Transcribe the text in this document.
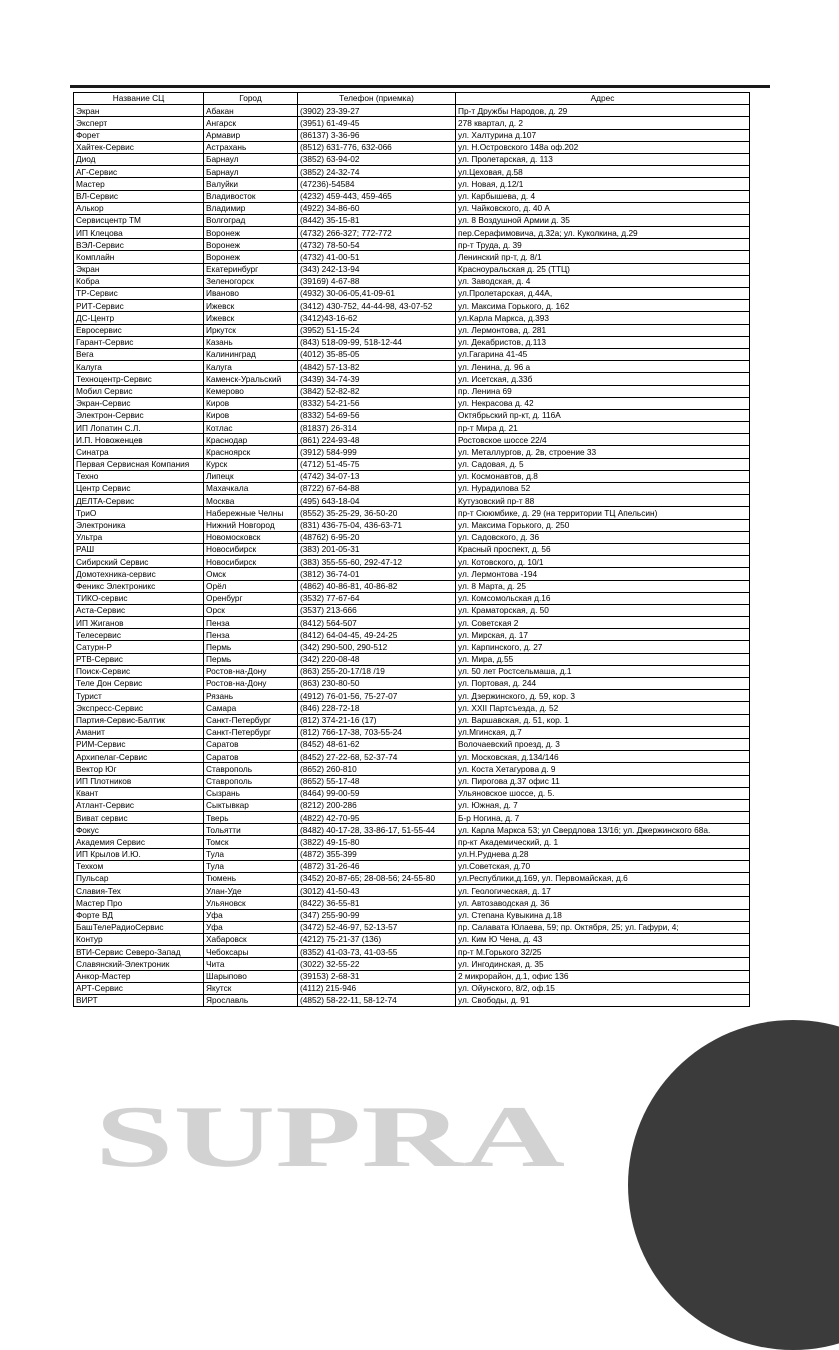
Название СЦ	Город	Телефон (приемка)	Адрес
Экран	Абакан	(3902) 23-39-27	Пр-т Дружбы Народов, д. 29
Эксперт	Ангарск	(3951) 61-49-45	278 квартал, д. 2
Форет	Армавир	(86137) 3-36-96	ул. Халтурина д.107
Хайтек-Сервис	Астрахань	(8512) 631-776, 632-066	ул. Н.Островского 148а оф.202
Диод	Барнаул	(3852) 63-94-02	ул. Пролетарская, д. 113
АГ-Сервис	Барнаул	(3852) 24-32-74	ул.Цеховая, д.58
Мастер	Валуйки	(47236)-54584	ул. Новая, д.12/1
ВЛ-Сервис	Владивосток	(4232) 459-443, 459-465	ул. Карбышева, д. 4
Алькор	Владимир	(4922) 34-86-60	ул. Чайковского, д. 40 А
Сервисцентр ТМ	Волгоград	(8442) 35-15-81	ул. 8 Воздушной Армии д. 35
ИП Клецова	Воронеж	(4732) 266-327; 772-772	пер.Серафимовича, д.32а; ул. Куколкина, д.29
ВЭЛ-Сервис	Воронеж	(4732) 78-50-54	пр-т Труда, д. 39
Комплайн	Воронеж	(4732) 41-00-51	Ленинский пр-т, д. 8/1
Экран	Екатеринбург	(343) 242-13-94	Красноуральская д. 25 (ТТЦ)
Кобра	Зеленогорск	(39169) 4-67-88	ул. Заводская, д. 4
ТР-Сервис	Иваново	(4932) 30-06-05,41-09-61	ул.Пролетарская, д.44А,
РИТ-Сервис	Ижевск	(3412) 430-752, 44-44-98, 43-07-52	ул. Максима Горького, д. 162
ДС-Центр	Ижевск	(3412)43-16-62	ул.Карла Маркса, д.393
Евросервис	Иркутск	(3952) 51-15-24	ул. Лермонтова, д. 281
Гарант-Сервис	Казань	(843) 518-09-99, 518-12-44	ул. Декабристов, д.113
Вега	Калининград	(4012) 35-85-05	ул.Гагарина 41-45
Калуга	Калуга	(4842) 57-13-82	ул. Ленина, д. 96 а
Техноцентр-Сервис	Каменск-Уральский	(3439) 34-74-39	ул. Исетская, д.33б
Мобил Сервис	Кемерово	(3842) 52-82-82	пр. Ленина 69
Экран-Сервис	Киров	(8332) 54-21-56	ул. Некрасова д. 42
Электрон-Сервис	Киров	(8332) 54-69-56	Октябрьский пр-кт, д. 116А
ИП Лопатин С.Л.	Котлас	(81837) 26-314	пр-т Мира д. 21
И.П. Новоженцев	Краснодар	(861) 224-93-48	Ростовское шоссе 22/4
Синатра	Красноярск	(3912) 584-999	ул. Металлургов, д. 2в, строение 33
Первая Сервисная Компания	Курск	(4712) 51-45-75	ул. Садовая, д. 5
Техно	Липецк	(4742) 34-07-13	ул. Космонавтов, д.8
Центр Сервис	Махачкала	(8722) 67-64-88	ул. Нурадилова 52
ДЕЛТА-Сервис	Москва	(495) 643-18-04	Кутузовский пр-т 88
ТриО	Набережные Челны	(8552) 35-25-29, 36-50-20	пр-т Сююмбике, д. 29 (на территории ТЦ Апельсин)
Электроника	Нижний Новгород	(831) 436-75-04, 436-63-71	ул. Максима Горького, д. 250
Ультра	Новомосковск	(48762) 6-95-20	ул. Садовского, д. 36
РАШ	Новосибирск	(383) 201-05-31	Красный проспект, д. 56
Сибирский Сервис	Новосибирск	(383) 355-55-60, 292-47-12	ул. Котовского, д. 10/1
Домотехника-сервис	Омск	(3812) 36-74-01	ул. Лермонтова -194
Феникс Электроникс	Орёл	(4862) 40-86-81, 40-86-82	ул. 8 Марта, д. 25
ТИКО-сервис	Оренбург	(3532) 77-67-64	ул. Комсомольская д.16
Аста-Сервис	Орск	(3537) 213-666	ул. Краматорская, д. 50
ИП Жиганов	Пенза	(8412) 564-507	ул. Советская 2
Телесервис	Пенза	(8412) 64-04-45, 49-24-25	ул. Мирская, д. 17
Сатурн-Р	Пермь	(342) 290-500, 290-512	ул. Карпинского, д. 27
РТВ-Сервис	Пермь	(342) 220-08-48	ул. Мира, д.55
Поиск-Сервис	Ростов-на-Дону	(863) 255-20-17/18 /19	ул. 50 лет Ростсельмаша, д.1
Теле Дон Сервис	Ростов-на-Дону	(863) 230-80-50	ул. Портовая, д. 244
Турист	Рязань	(4912) 76-01-56, 75-27-07	ул. Дзержинского, д. 59, кор. 3
Экспресс-Сервис	Самара	(846) 228-72-18	ул. XXII Партсъезда, д. 52
Партия-Сервис-Балтик	Санкт-Петербург	(812) 374-21-16 (17)	ул. Варшавская, д. 51, кор. 1
Аманит	Санкт-Петербург	(812) 766-17-38, 703-55-24	ул.Мгинская, д.7
РИМ-Сервис	Саратов	(8452) 48-61-62	Волочаевский проезд, д. 3
Архипелаг-Сервис	Саратов	(8452) 27-22-68, 52-37-74	ул. Московская, д.134/146
Вектор Юг	Ставрополь	(8652) 260-810	ул. Коста Хетагурова д. 9
ИП Плотников	Ставрополь	(8652) 55-17-48	ул. Пирогова д.37 офис 11
Квант	Сызрань	(8464) 99-00-59	Ульяновское шоссе, д. 5.
Атлант-Сервис	Сыктывкар	(8212) 200-286	ул. Южная, д. 7
Виват сервис	Тверь	(4822) 42-70-95	Б-р Ногина, д. 7
Фокус	Тольятти	(8482) 40-17-28, 33-86-17, 51-55-44	ул. Карла Маркса 53; ул Свердлова 13/16; ул. Джержинского 68а.
Академия Сервис	Томск	(3822) 49-15-80	пр-кт Академический, д. 1
ИП Крылов И.Ю.	Тула	(4872) 355-399	ул.Н.Руднева д.28
Техком	Тула	(4872) 31-26-46	ул.Советская, д.70
Пульсар	Тюмень	(3452) 20-87-65; 28-08-56; 24-55-80	ул.Республики,д.169, ул. Первомайская, д.6
Славия-Тех	Улан-Уде	(3012) 41-50-43	ул. Геологическая, д. 17
Мастер Про	Ульяновск	(8422) 36-55-81	ул. Автозаводская д. 36
Форте ВД	Уфа	(347) 255-90-99	ул. Степана Кувыкина д.18
БашТелеРадиоСервис	Уфа	(3472) 52-46-97, 52-13-57	пр. Салавата Юлаева, 59; пр. Октября, 25; ул. Гафури, 4;
Контур	Хабаровск	(4212) 75-21-37 (136)	ул. Ким Ю Чена, д. 43
ВТИ-Сервис Северо-Запад	Чебоксары	(8352) 41-03-73, 41-03-55	пр-т М.Горького 32/25
Славянский-Электроник	Чита	(3022) 32-55-22	ул. Ингодинская, д. 35
Анкор-Мастер	Шарыпово	(39153) 2-68-31	2 микрорайон, д.1, офис 136
АРТ-Сервис	Якутск	(4112) 215-946	ул. Ойунского, 8/2, оф.15
ВИРТ	Ярославль	(4852) 58-22-11, 58-12-74	ул. Свободы, д. 91
SUPRA
